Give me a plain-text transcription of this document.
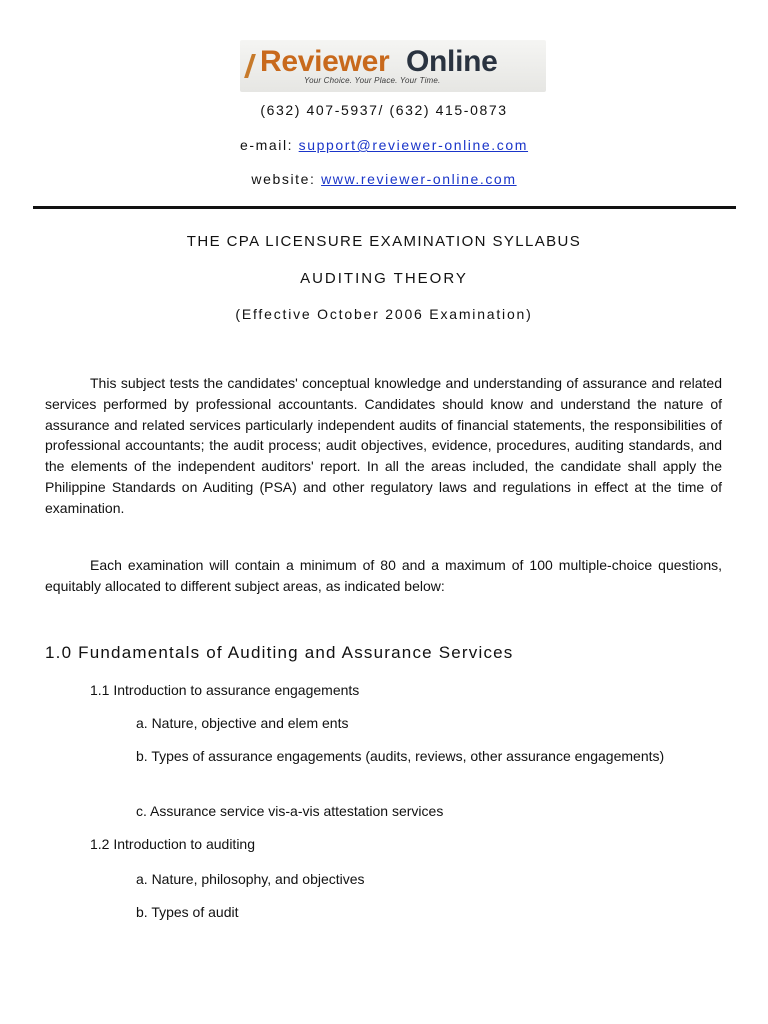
Reviewer Online
Your Choice. Your Place. Your Time.
(632) 407-5937/ (632) 415-0873
e-mail: support@reviewer-online.com
website: www.reviewer-online.com
THE CPA LICENSURE EXAMINATION SYLLABUS
AUDITING THEORY
(Effective October 2006 Examination)

This subject tests the candidates' conceptual knowledge and understanding of assurance and related services performed by professional accountants. Candidates should know and understand the nature of assurance and related services particularly independent audits of financial statements, the responsibilities of professional accountants; the audit process; audit objectives, evidence, procedures, auditing standards, and the elements of the independent auditors' report. In all the areas included, the candidate shall apply the Philippine Standards on Auditing (PSA) and other regulatory laws and regulations in effect at the time of examination.

Each examination will contain a minimum of 80 and a maximum of 100 multiple-choice questions, equitably allocated to different subject areas, as indicated below:

1.0 Fundamentals of Auditing and Assurance Services

1.1 Introduction to assurance engagements

a. Nature, objective and elem ents

b. Types of assurance engagements (audits, reviews, other assurance engagements)

c. Assurance service vis-a-vis attestation services

1.2 Introduction to auditing

a. Nature, philosophy, and objectives

b. Types of audit
